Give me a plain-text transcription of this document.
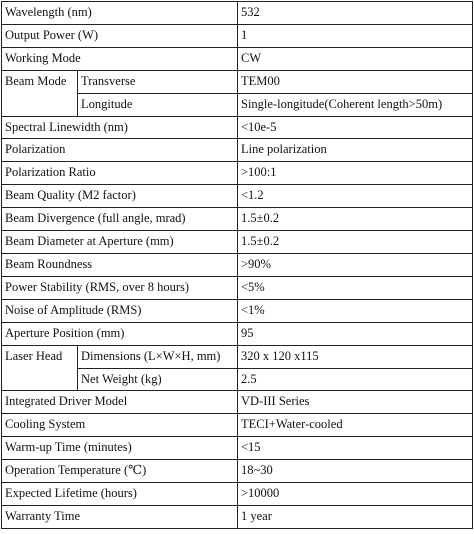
Wavelength (nm)		532
Output Power (W)		1
Working Mode		CW
Beam Mode	Transverse	TEM00
	Longitude	Single-longitude(Coherent length>50m)
Spectral Linewidth (nm)		<10e-5
Polarization		Line polarization
Polarization Ratio		>100:1
Beam Quality (M2 factor)		<1.2
Beam Divergence (full angle, mrad)		1.5±0.2
Beam Diameter at Aperture (mm)		1.5±0.2
Beam Roundness		>90%
Power Stability (RMS, over 8 hours)		<5%
Noise of Amplitude (RMS)		<1%
Aperture Position (mm)		95
Laser Head	Dimensions (L×W×H, mm)	320 x 120 x115
	Net Weight (kg)	2.5
Integrated Driver Model		VD-III Series
Cooling System		TECI+Water-cooled
Warm-up Time (minutes)		<15
Operation Temperature (℃)		18~30
Expected Lifetime (hours)		>10000
Warranty Time		1 year
